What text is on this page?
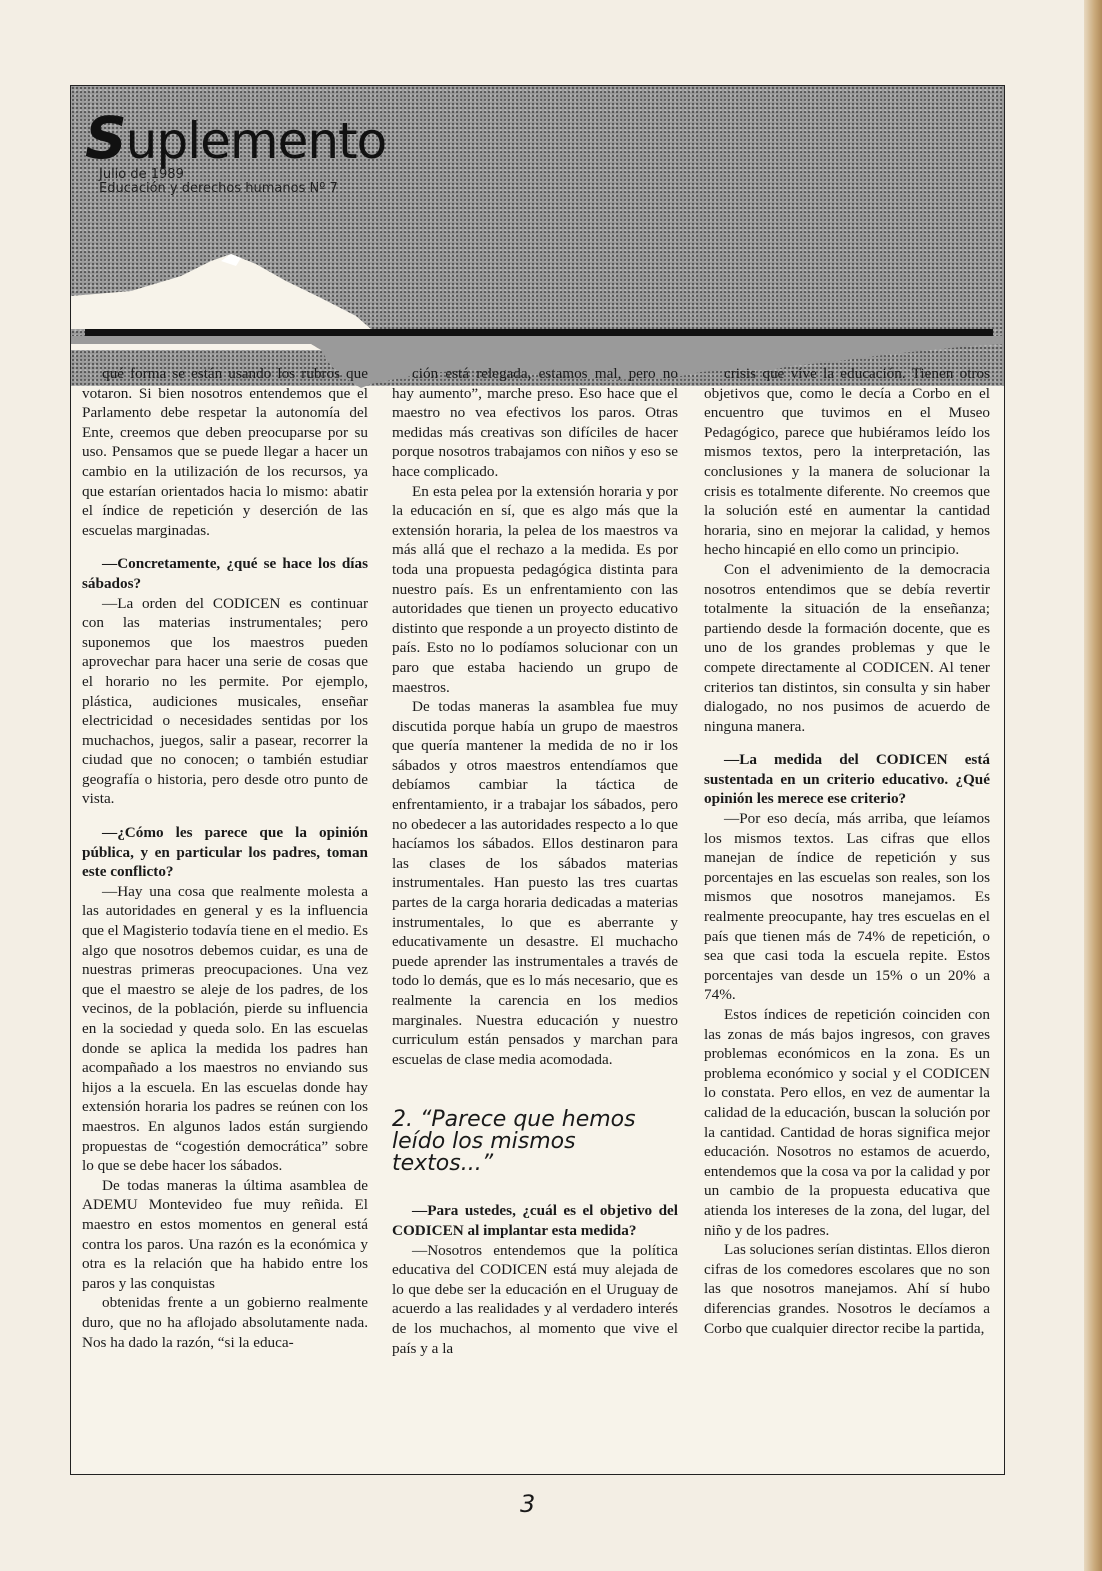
Suplemento
Julio de 1989
Educación y derechos humanos Nº 7

qué forma se están usando los rubros que votaron. Si bien nosotros entendemos que el Parlamento debe respetar la autonomía del Ente, creemos que deben preocuparse por su uso. Pensamos que se puede llegar a hacer un cambio en la utilización de los recursos, ya que estarían orientados hacia lo mismo: abatir el índice de repetición y deserción de las escuelas marginadas.

—Concretamente, ¿qué se hace los días sábados?

—La orden del CODICEN es continuar con las materias instrumentales; pero suponemos que los maestros pueden aprovechar para hacer una serie de cosas que el horario no les permite. Por ejemplo, plástica, audiciones musicales, enseñar electricidad o necesidades sentidas por los muchachos, juegos, salir a pasear, recorrer la ciudad que no conocen; o también estudiar geografía o historia, pero desde otro punto de vista.

—¿Cómo les parece que la opinión pública, y en particular los padres, toman este conflicto?

—Hay una cosa que realmente molesta a las autoridades en general y es la influencia que el Magisterio todavía tiene en el medio. Es algo que nosotros debemos cuidar, es una de nuestras primeras preocupaciones. Una vez que el maestro se aleje de los padres, de los vecinos, de la población, pierde su influencia en la sociedad y queda solo. En las escuelas donde se aplica la medida los padres han acompañado a los maestros no enviando sus hijos a la escuela. En las escuelas donde hay extensión horaria los padres se reúnen con los maestros. En algunos lados están surgiendo propuestas de “cogestión democrática” sobre lo que se debe hacer los sábados.

De todas maneras la última asamblea de ADEMU Montevideo fue muy reñida. El maestro en estos momentos en general está contra los paros. Una razón es la económica y otra es la relación que ha habido entre los paros y las conquistas

obtenidas frente a un gobierno realmente duro, que no ha aflojado absolutamente nada. Nos ha dado la razón, “si la educa-

ción está relegada, estamos mal, pero no hay aumento”, marche preso. Eso hace que el maestro no vea efectivos los paros. Otras medidas más creativas son difíciles de hacer porque nosotros trabajamos con niños y eso se hace complicado.

En esta pelea por la extensión horaria y por la educación en sí, que es algo más que la extensión horaria, la pelea de los maestros va más allá que el rechazo a la medida. Es por toda una propuesta pedagógica distinta para nuestro país. Es un enfrentamiento con las autoridades que tienen un proyecto educativo distinto que responde a un proyecto distinto de país. Esto no lo podíamos solucionar con un paro que estaba haciendo un grupo de maestros.

De todas maneras la asamblea fue muy discutida porque había un grupo de maestros que quería mantener la medida de no ir los sábados y otros maestros entendíamos que debíamos cambiar la táctica de enfrentamiento, ir a trabajar los sábados, pero no obedecer a las autoridades respecto a lo que hacíamos los sábados. Ellos destinaron para las clases de los sábados materias instrumentales. Han puesto las tres cuartas partes de la carga horaria dedicadas a materias instrumentales, lo que es aberrante y educativamente un desastre. El muchacho puede aprender las instrumentales a través de todo lo demás, que es lo más necesario, que es realmente la carencia en los medios marginales. Nuestra educación y nuestro curriculum están pensados y marchan para escuelas de clase media acomodada.

2. “Parece que hemos leído los mismos textos...”

—Para ustedes, ¿cuál es el objetivo del CODICEN al implantar esta medida?

—Nosotros entendemos que la política educativa del CODICEN está muy alejada de lo que debe ser la educación en el Uruguay de acuerdo a las realidades y al verdadero interés de los muchachos, al momento que vive el país y a la

crisis que vive la educación. Tienen otros objetivos que, como le decía a Corbo en el encuentro que tuvimos en el Museo Pedagógico, parece que hubiéramos leído los mismos textos, pero la interpretación, las conclusiones y la manera de solucionar la crisis es totalmente diferente. No creemos que la solución esté en aumentar la cantidad horaria, sino en mejorar la calidad, y hemos hecho hincapié en ello como un principio.

Con el advenimiento de la democracia nosotros entendimos que se debía revertir totalmente la situación de la enseñanza; partiendo desde la formación docente, que es uno de los grandes problemas y que le compete directamente al CODICEN. Al tener criterios tan distintos, sin consulta y sin haber dialogado, no nos pusimos de acuerdo de ninguna manera.

—La medida del CODICEN está sustentada en un criterio educativo. ¿Qué opinión les merece ese criterio?

—Por eso decía, más arriba, que leíamos los mismos textos. Las cifras que ellos manejan de índice de repetición y sus porcentajes en las escuelas son reales, son los mismos que nosotros manejamos. Es realmente preocupante, hay tres escuelas en el país que tienen más de 74% de repetición, o sea que casi toda la escuela repite. Estos porcentajes van desde un 15% o un 20% a 74%.

Estos índices de repetición coinciden con las zonas de más bajos ingresos, con graves problemas económicos en la zona. Es un problema económico y social y el CODICEN lo constata. Pero ellos, en vez de aumentar la calidad de la educación, buscan la solución por la cantidad. Cantidad de horas significa mejor educación. Nosotros no estamos de acuerdo, entendemos que la cosa va por la calidad y por un cambio de la propuesta educativa que atienda los intereses de la zona, del lugar, del niño y de los padres.

Las soluciones serían distintas. Ellos dieron cifras de los comedores escolares que no son las que nosotros manejamos. Ahí sí hubo diferencias grandes. Nosotros le decíamos a Corbo que cualquier director recibe la partida,

3
